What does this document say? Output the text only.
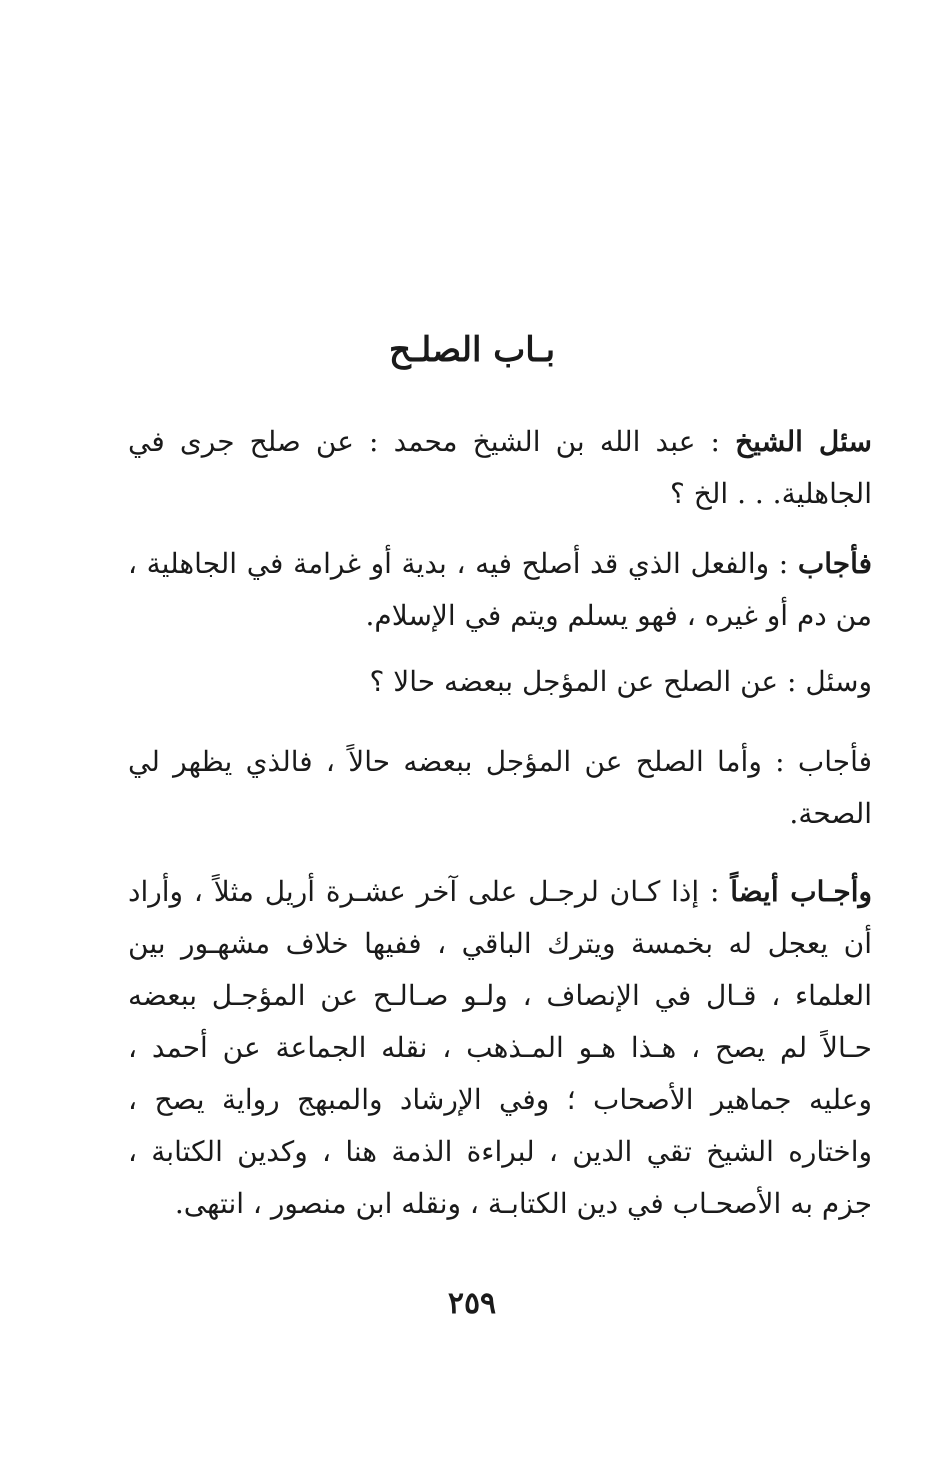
بـاب الصلـح

سئل الشيخ : عبد الله بن الشيخ محمد : عن صلح جرى في الجاهلية. . . الخ ؟

فأجاب : والفعل الذي قد أصلح فيه ، بدية أو غرامة في الجاهلية ، من دم أو غيره ، فهو يسلم ويتم في الإسلام.

وسئل : عن الصلح عن المؤجل ببعضه حالا ؟

فأجاب : وأما الصلح عن المؤجل ببعضه حالاً ، فالذي يظهر لي الصحة.

وأجـاب أيضاً : إذا كـان لرجـل على آخر عشـرة أريل مثلاً ، وأراد أن يعجل له بخمسة ويترك الباقي ، ففيها خلاف مشهـور بين العلماء ، قـال في الإنصاف ، ولـو صـالـح عن المؤجـل ببعضه حـالاً لم يصح ، هـذا هـو المـذهب ، نقله الجماعة عن أحمد ، وعليه جماهير الأصحاب ؛ وفي الإرشاد والمبهج رواية يصح ، واختاره الشيخ تقي الدين ، لبراءة الذمة هنا ، وكدين الكتابة ، جزم به الأصحـاب في دين الكتابـة ، ونقله ابن منصور ، انتهى.

٢٥٩
